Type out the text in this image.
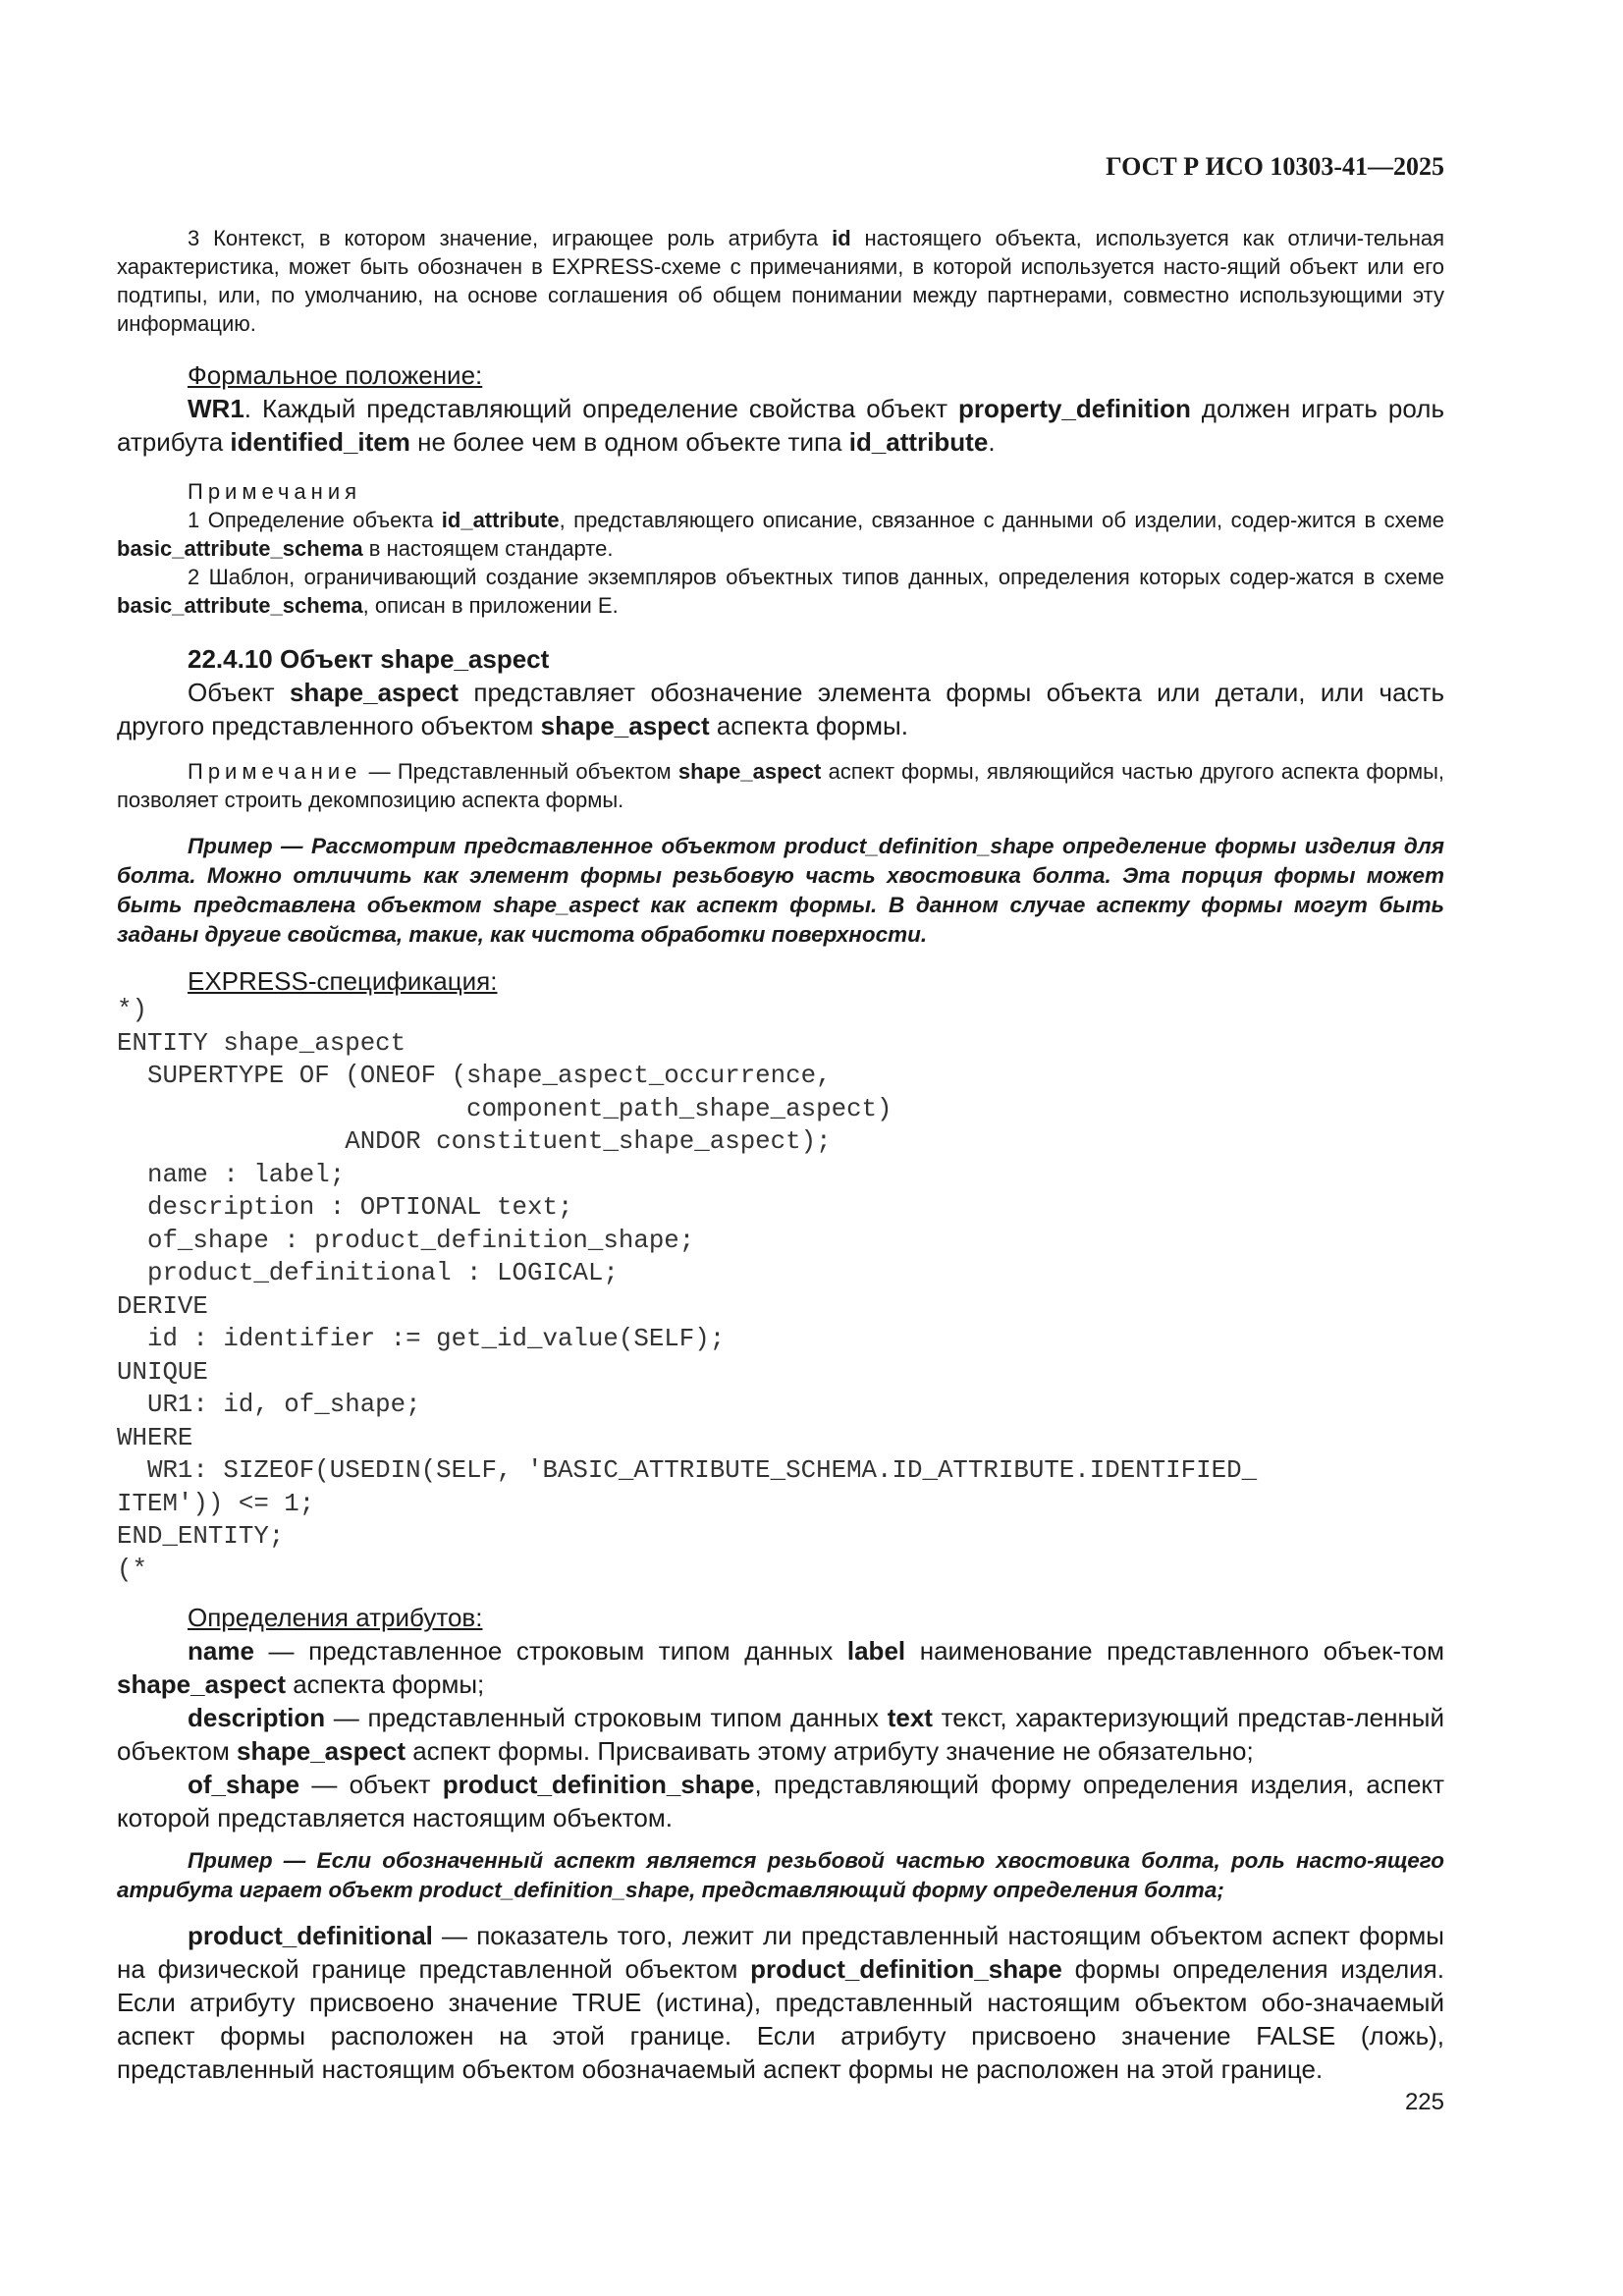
ГОСТ Р ИСО 10303-41—2025

3 Контекст, в котором значение, играющее роль атрибута id настоящего объекта, используется как отличи-тельная характеристика, может быть обозначен в EXPRESS-схеме с примечаниями, в которой используется насто-ящий объект или его подтипы, или, по умолчанию, на основе соглашения об общем понимании между партнерами, совместно использующими эту информацию.

Формальное положение:

WR1. Каждый представляющий определение свойства объект property_definition должен играть роль атрибута identified_item не более чем в одном объекте типа id_attribute.

Примечания

1 Определение объекта id_attribute, представляющего описание, связанное с данными об изделии, содер-жится в схеме basic_attribute_schema в настоящем стандарте.

2 Шаблон, ограничивающий создание экземпляров объектных типов данных, определения которых содер-жатся в схеме basic_attribute_schema, описан в приложении E.

22.4.10 Объект shape_aspect

Объект shape_aspect представляет обозначение элемента формы объекта или детали, или часть другого представленного объектом shape_aspect аспекта формы.

Примечание — Представленный объектом shape_aspect аспект формы, являющийся частью другого аспекта формы, позволяет строить декомпозицию аспекта формы.

Пример — Рассмотрим представленное объектом product_definition_shape определение формы изделия для болта. Можно отличить как элемент формы резьбовую часть хвостовика болта. Эта порция формы может быть представлена объектом shape_aspect как аспект формы. В данном случае аспекту формы могут быть заданы другие свойства, такие, как чистота обработки поверхности.

EXPRESS-спецификация:

*)
ENTITY shape_aspect
SUPERTYPE OF (ONEOF (shape_aspect_occurrence,
component_path_shape_aspect)
ANDOR constituent_shape_aspect);
name : label;
description : OPTIONAL text;
of_shape : product_definition_shape;
product_definitional : LOGICAL;
DERIVE
id : identifier := get_id_value(SELF);
UNIQUE
UR1: id, of_shape;
WHERE
WR1: SIZEOF(USEDIN(SELF, 'BASIC_ATTRIBUTE_SCHEMA.ID_ATTRIBUTE.IDENTIFIED_
ITEM')) <= 1;
END_ENTITY;
(*

Определения атрибутов:

name — представленное строковым типом данных label наименование представленного объек-том shape_aspect аспекта формы;

description — представленный строковым типом данных text текст, характеризующий представ-ленный объектом shape_aspect аспект формы. Присваивать этому атрибуту значение не обязательно;

of_shape — объект product_definition_shape, представляющий форму определения изделия, аспект которой представляется настоящим объектом.

Пример — Если обозначенный аспект является резьбовой частью хвостовика болта, роль насто-ящего атрибута играет объект product_definition_shape, представляющий форму определения болта;

product_definitional — показатель того, лежит ли представленный настоящим объектом аспект формы на физической границе представленной объектом product_definition_shape формы определения изделия. Если атрибуту присвоено значение TRUE (истина), представленный настоящим объектом обо-значаемый аспект формы расположен на этой границе. Если атрибуту присвоено значение FALSE (ложь), представленный настоящим объектом обозначаемый аспект формы не расположен на этой границе.

225
